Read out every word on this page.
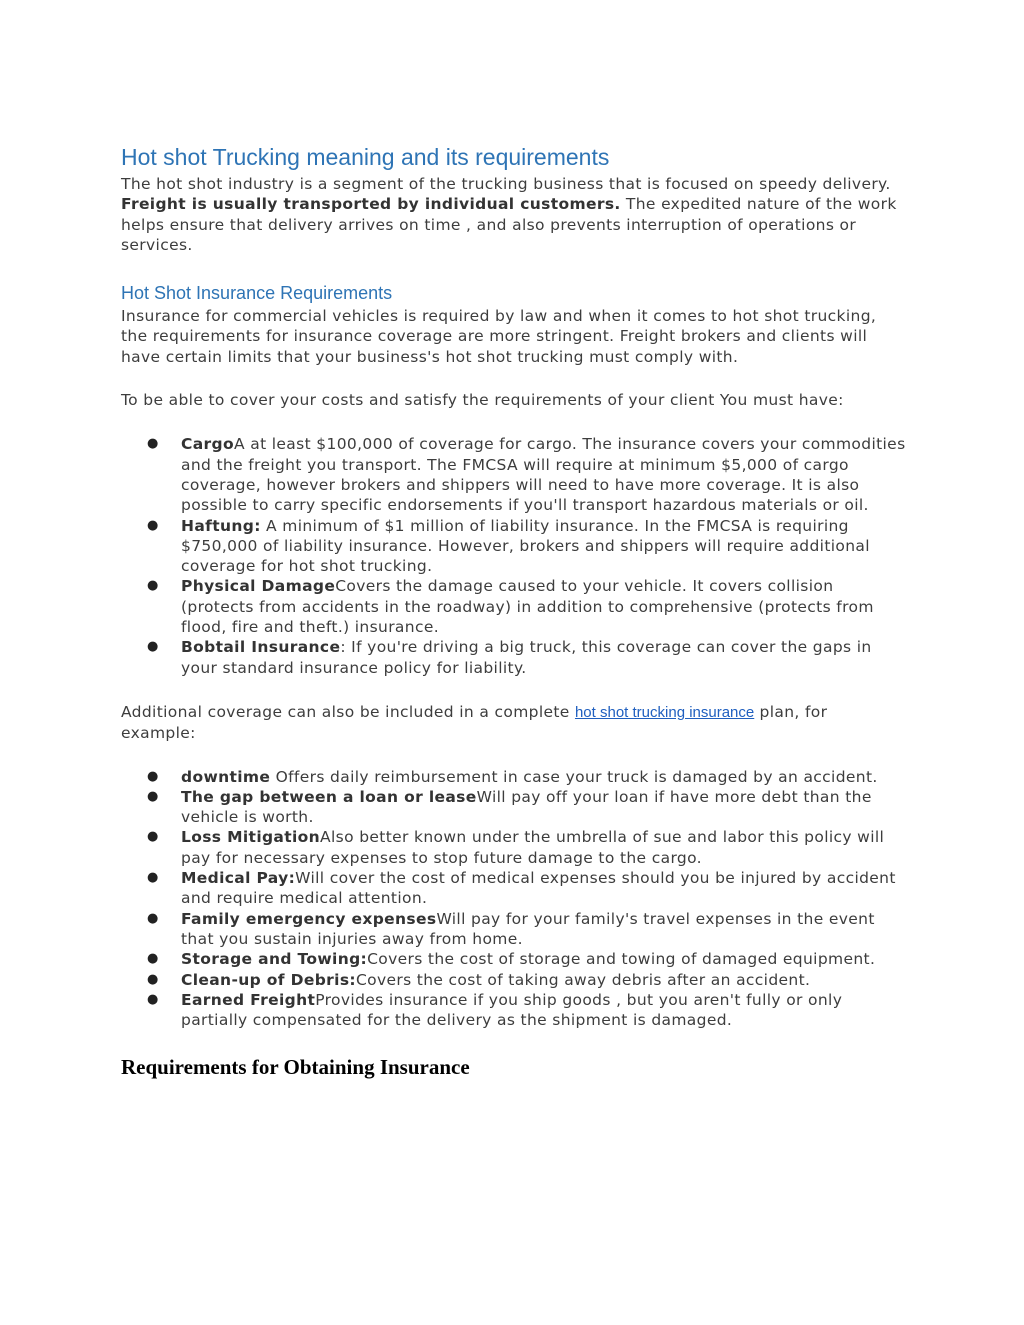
Hot shot Trucking meaning and its requirements

The hot shot industry is a segment of the trucking business that is focused on speedy delivery. Freight is usually transported by individual customers. The expedited nature of the work helps ensure that delivery arrives on time , and also prevents interruption of operations or services.

Hot Shot Insurance Requirements

Insurance for commercial vehicles is required by law and when it comes to hot shot trucking, the requirements for insurance coverage are more stringent. Freight brokers and clients will have certain limits that your business's hot shot trucking must comply with.

To be able to cover your costs and satisfy the requirements of your client You must have:

● CargoA at least $100,000 of coverage for cargo. The insurance covers your commodities and the freight you transport. The FMCSA will require at minimum $5,000 of cargo coverage, however brokers and shippers will need to have more coverage. It is also possible to carry specific endorsements if you'll transport hazardous materials or oil.
● Haftung: A minimum of $1 million of liability insurance. In the FMCSA is requiring $750,000 of liability insurance. However, brokers and shippers will require additional coverage for hot shot trucking.
● Physical DamageCovers the damage caused to your vehicle. It covers collision (protects from accidents in the roadway) in addition to comprehensive (protects from flood, fire and theft.) insurance.
● Bobtail Insurance: If you're driving a big truck, this coverage can cover the gaps in your standard insurance policy for liability.

Additional coverage can also be included in a complete hot shot trucking insurance plan, for example:

● downtime Offers daily reimbursement in case your truck is damaged by an accident.
● The gap between a loan or leaseWill pay off your loan if have more debt than the vehicle is worth.
● Loss MitigationAlso better known under the umbrella of sue and labor this policy will pay for necessary expenses to stop future damage to the cargo.
● Medical Pay:Will cover the cost of medical expenses should you be injured by accident and require medical attention.
● Family emergency expensesWill pay for your family's travel expenses in the event that you sustain injuries away from home.
● Storage and Towing:Covers the cost of storage and towing of damaged equipment.
● Clean-up of Debris:Covers the cost of taking away debris after an accident.
● Earned FreightProvides insurance if you ship goods , but you aren't fully or only partially compensated for the delivery as the shipment is damaged.
Requirements for Obtaining Insurance
